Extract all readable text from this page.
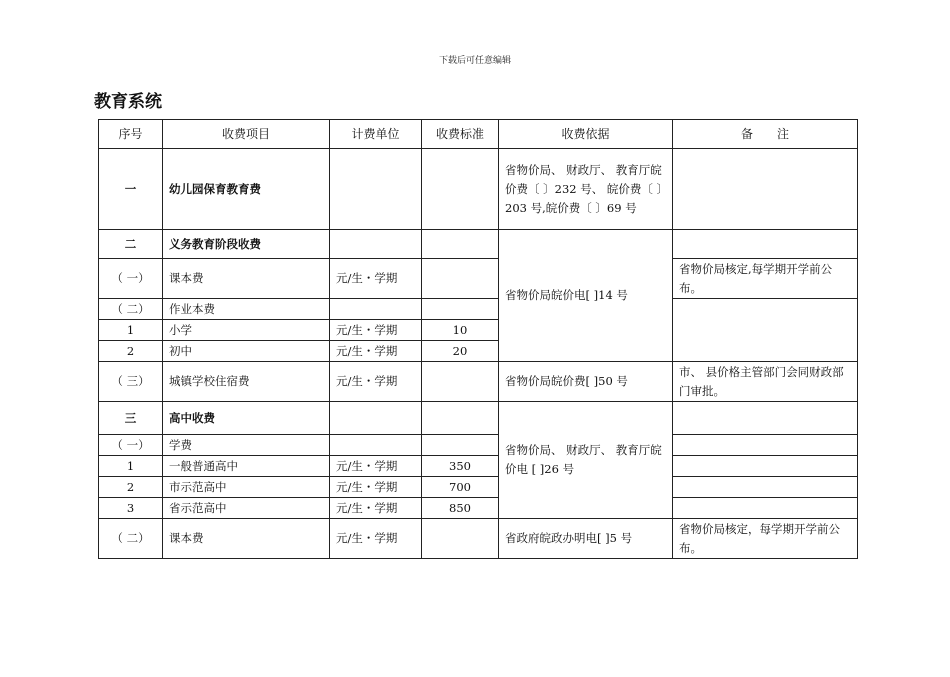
下载后可任意编辑
教育系统
序号	收费项目	计费单位	收费标准	收费依据	备　　注
一	幼儿园保育教育费			省物价局、 财政厅、 教育厅皖价费〔 〕232 号、 皖价费〔 〕203 号,皖价费〔 〕69 号	
二	义务教育阶段收费			省物价局皖价电[ ]14 号	
（ 一）	课本费	元/生・学期			省物价局核定,每学期开学前公布。
（ 二）	作业本费				
1	小学	元/生・学期	10		
2	初中	元/生・学期	20		
（ 三）	城镇学校住宿费	元/生・学期		省物价局皖价费[ ]50 号	市、 县价格主管部门会同财政部门审批。
三	高中收费			省物价局、 财政厅、 教育厅皖价电 [ ]26 号	
（ 一）	学费				
1	一般普通高中	元/生・学期	350		
2	市示范高中	元/生・学期	700		
3	省示范高中	元/生・学期	850		
（ 二）	课本费	元/生・学期		省政府皖政办明电[ ]5 号	省物价局核定，每学期开学前公布。
